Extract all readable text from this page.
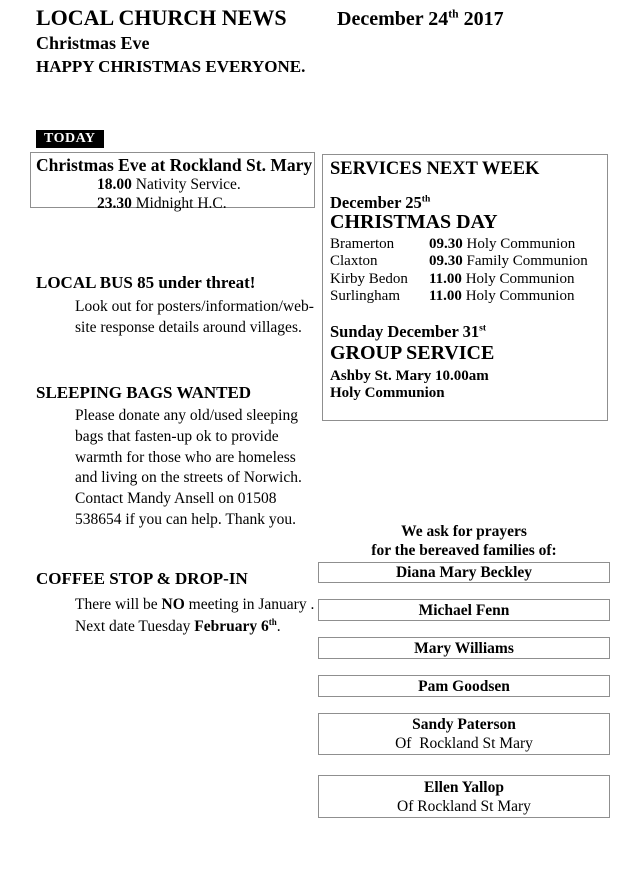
LOCAL CHURCH NEWS	December 24th 2017
Christmas Eve
HAPPY CHRISTMAS EVERYONE.
TODAY
Christmas Eve at Rockland St. Mary
18.00 Nativity Service.
23.30 Midnight H.C.
LOCAL BUS 85 under threat!
Look out for posters/information/web-
site response details around villages.
SLEEPING BAGS WANTED
Please donate any old/used sleeping
bags that fasten-up ok to provide
warmth for those who are homeless
and living on the streets of Norwich.
Contact Mandy Ansell on 01508
538654 if you can help. Thank you.
COFFEE STOP & DROP-IN
There will be NO meeting in January .
Next date Tuesday February 6th.
SERVICES NEXT WEEK
December 25th
CHRISTMAS DAY
Bramerton 09.30 Holy Communion
Claxton	09.30 Family Communion
Kirby Bedon 11.00 Holy Communion
Surlingham 11.00 Holy Communion
Sunday December 31st
GROUP SERVICE
Ashby St. Mary 10.00am
Holy Communion
We ask for prayers
for the bereaved families of:
Diana Mary Beckley
Michael Fenn
Mary Williams
Pam Goodsen
Sandy Paterson
Of  Rockland St Mary
Ellen Yallop
Of Rockland St Mary
